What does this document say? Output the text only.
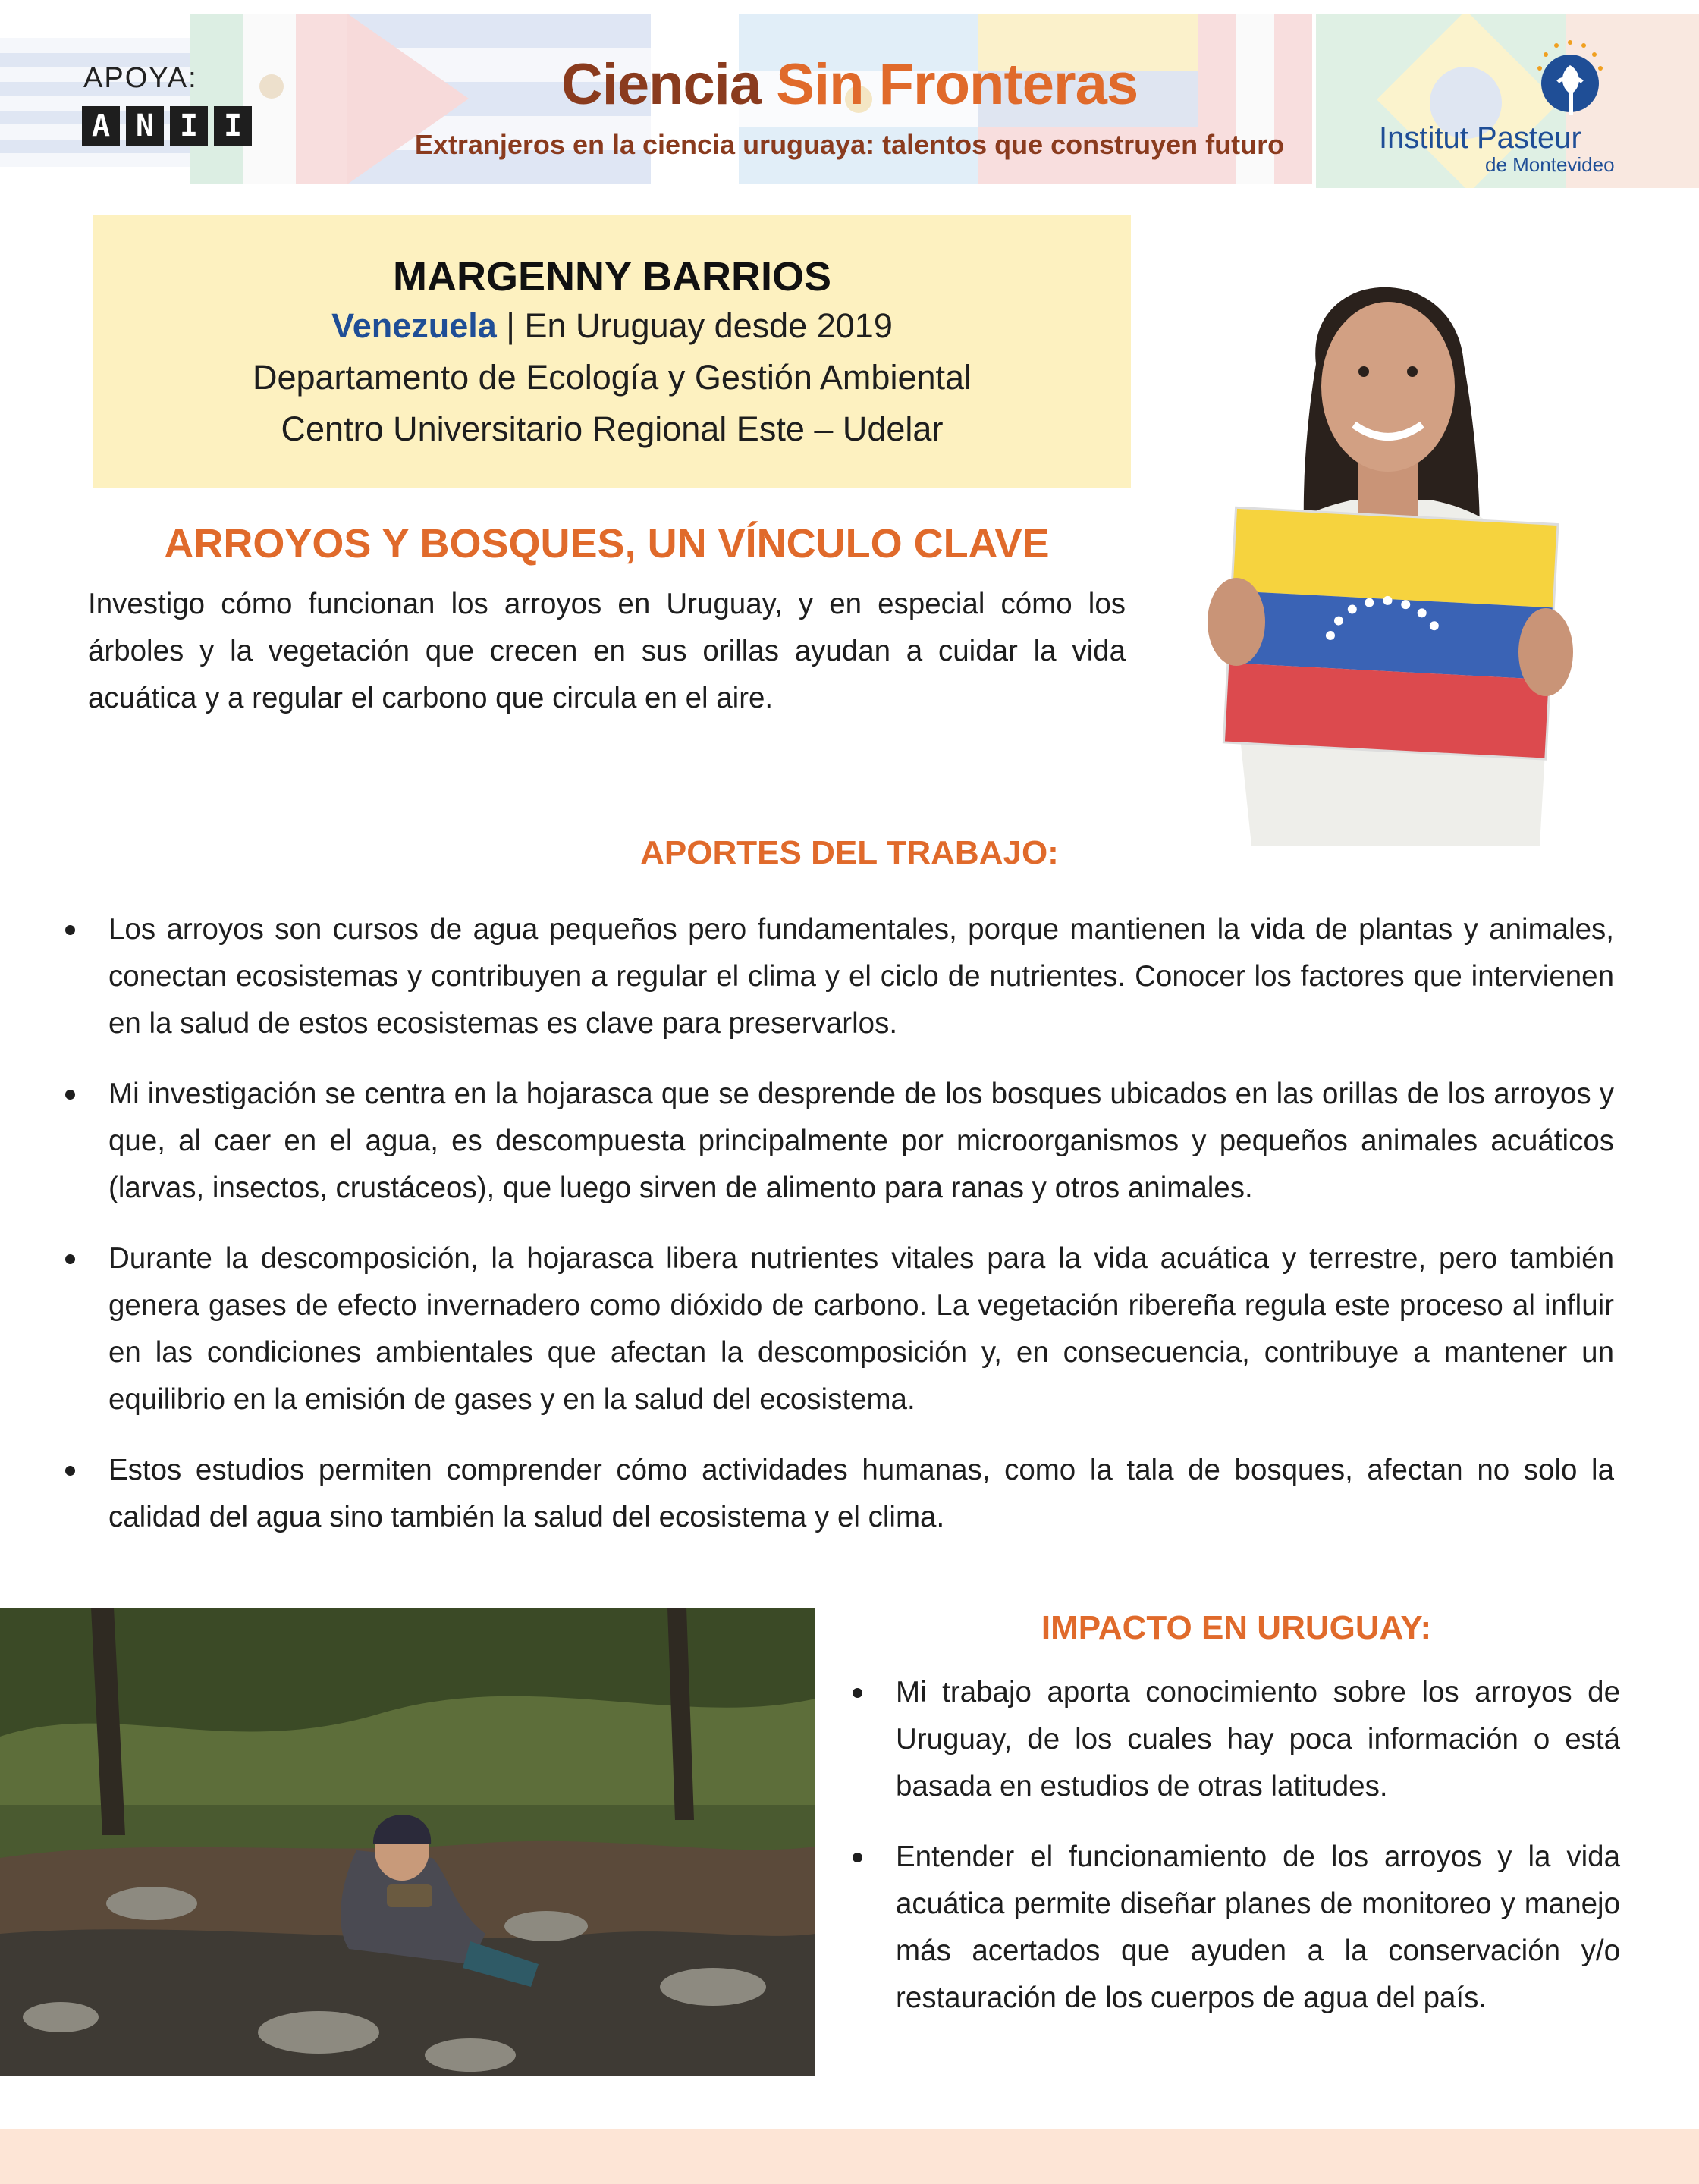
APOYA:
A N I I
Ciencia Sin Fronteras
Extranjeros en la ciencia uruguaya: talentos que construyen futuro	Institut Pasteur
de Montevideo
MARGENNY BARRIOS
Venezuela | En Uruguay desde 2019
Departamento de Ecología y Gestión Ambiental
Centro Universitario Regional Este – Udelar
ARROYOS Y BOSQUES, UN VÍNCULO CLAVE

Investigo cómo funcionan los arroyos en Uruguay, y en especial cómo los árboles y la vegetación que crecen en sus orillas ayudan a cuidar la vida acuática y a regular el carbono que circula en el aire.

APORTES DEL TRABAJO:
Los arroyos son cursos de agua pequeños pero fundamentales, porque mantienen la vida de plantas y animales, conectan ecosistemas y contribuyen a regular el clima y el ciclo de nutrientes. Conocer los factores que intervienen en la salud de estos ecosistemas es clave para preservarlos.
Mi investigación se centra en la hojarasca que se desprende de los bosques ubicados en las orillas de los arroyos y que, al caer en el agua, es descompuesta principalmente por microorganismos y pequeños animales acuáticos (larvas, insectos, crustáceos), que luego sirven de alimento para ranas y otros animales.
Durante la descomposición, la hojarasca libera nutrientes vitales para la vida acuática y terrestre, pero también genera gases de efecto invernadero como dióxido de carbono. La vegetación ribereña regula este proceso al influir en las condiciones ambientales que afectan la descomposición y, en consecuencia, contribuye a mantener un equilibrio en la emisión de gases y en la salud del ecosistema.
Estos estudios permiten comprender cómo actividades humanas, como la tala de bosques, afectan no solo la calidad del agua sino también la salud del ecosistema y el clima.
IMPACTO EN URUGUAY:
Mi trabajo aporta conocimiento sobre los arroyos de Uruguay, de los cuales hay poca información o está basada en estudios de otras latitudes.
Entender el funcionamiento de los arroyos y la vida acuática permite diseñar planes de monitoreo y manejo más acertados que ayuden a la conservación y/o restauración de los cuerpos de agua del país.
